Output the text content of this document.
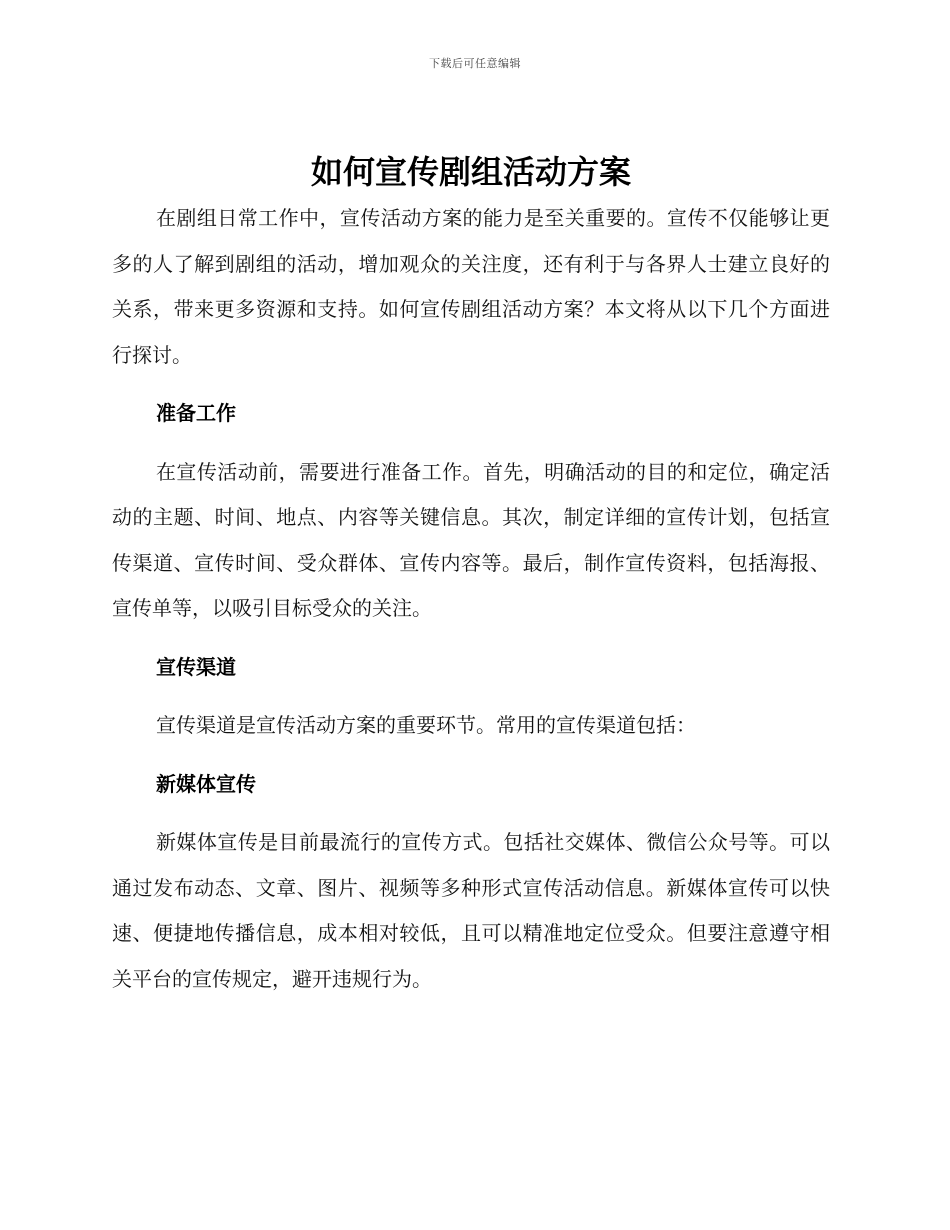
下载后可任意编辑
如何宣传剧组活动方案

在剧组日常工作中，宣传活动方案的能力是至关重要的。宣传不仅能够让更多的人了解到剧组的活动，增加观众的关注度，还有利于与各界人士建立良好的关系，带来更多资源和支持。如何宣传剧组活动方案？本文将从以下几个方面进行探讨。

准备工作

在宣传活动前，需要进行准备工作。首先，明确活动的目的和定位，确定活动的主题、时间、地点、内容等关键信息。其次，制定详细的宣传计划，包括宣传渠道、宣传时间、受众群体、宣传内容等。最后，制作宣传资料，包括海报、宣传单等，以吸引目标受众的关注。

宣传渠道

宣传渠道是宣传活动方案的重要环节。常用的宣传渠道包括：

新媒体宣传

新媒体宣传是目前最流行的宣传方式。包括社交媒体、微信公众号等。可以通过发布动态、文章、图片、视频等多种形式宣传活动信息。新媒体宣传可以快速、便捷地传播信息，成本相对较低，且可以精准地定位受众。但要注意遵守相关平台的宣传规定，避开违规行为。
